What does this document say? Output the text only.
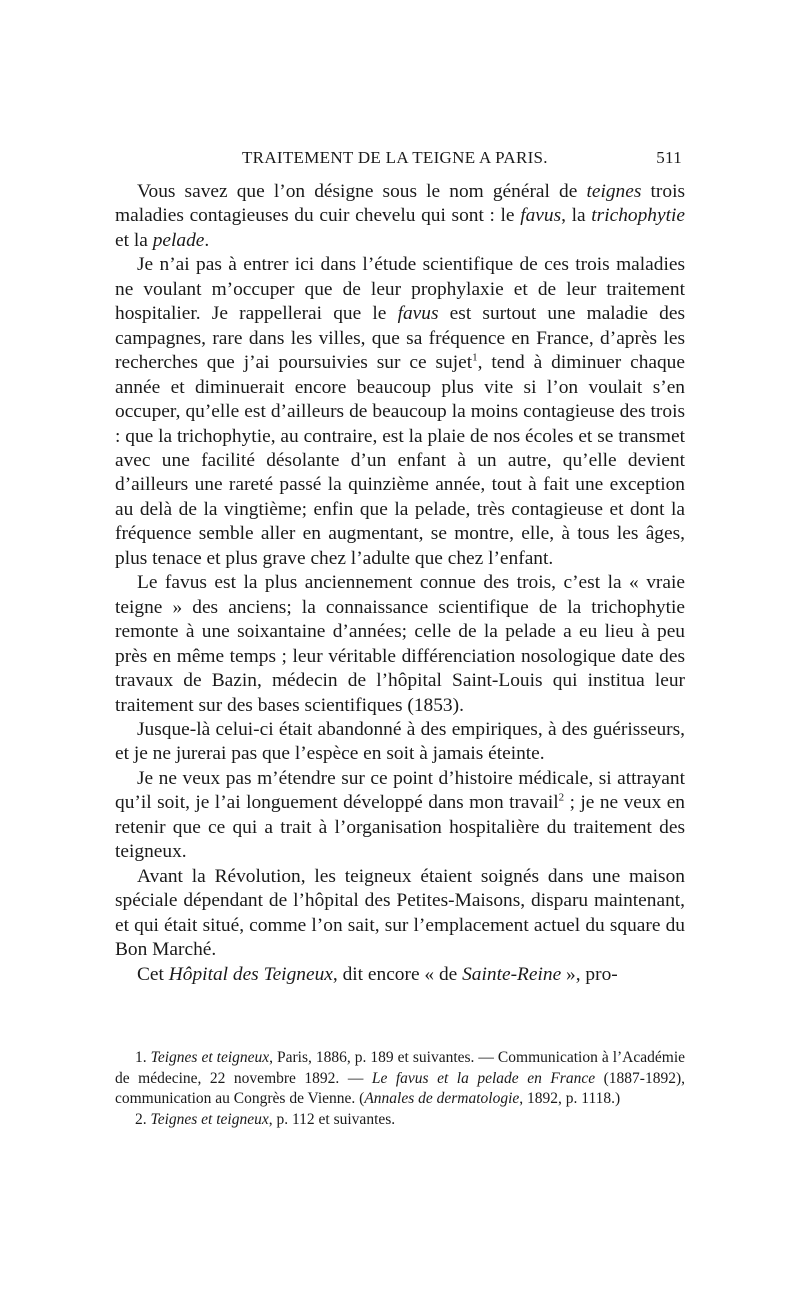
TRAITEMENT DE LA TEIGNE A PARIS.	511

Vous savez que l’on désigne sous le nom général de teignes trois maladies contagieuses du cuir chevelu qui sont : le favus, la trichophytie et la pelade.

Je n’ai pas à entrer ici dans l’étude scientifique de ces trois maladies ne voulant m’occuper que de leur prophylaxie et de leur traitement hospitalier. Je rappellerai que le favus est surtout une maladie des campagnes, rare dans les villes, que sa fréquence en France, d’après les recherches que j’ai poursuivies sur ce sujet$^1$, tend à diminuer chaque année et diminuerait encore beaucoup plus vite si l’on voulait s’en occuper, qu’elle est d’ailleurs de beaucoup la moins contagieuse des trois : que la trichophytie, au contraire, est la plaie de nos écoles et se transmet avec une facilité désolante d’un enfant à un autre, qu’elle devient d’ailleurs une rareté passé la quinzième année, tout à fait une exception au delà de la vingtième; enfin que la pelade, très contagieuse et dont la fréquence semble aller en augmentant, se montre, elle, à tous les âges, plus tenace et plus grave chez l’adulte que chez l’enfant.

Le favus est la plus anciennement connue des trois, c’est la « vraie teigne » des anciens; la connaissance scientifique de la trichophytie remonte à une soixantaine d’années; celle de la pelade a eu lieu à peu près en même temps ; leur véritable différenciation nosologique date des travaux de Bazin, médecin de l’hôpital Saint-Louis qui institua leur traitement sur des bases scientifiques (1853).

Jusque-là celui-ci était abandonné à des empiriques, à des guérisseurs, et je ne jurerai pas que l’espèce en soit à jamais éteinte.

Je ne veux pas m’étendre sur ce point d’histoire médicale, si attrayant qu’il soit, je l’ai longuement développé dans mon travail$^2$ ; je ne veux en retenir que ce qui a trait à l’organisation hospitalière du traitement des teigneux.

Avant la Révolution, les teigneux étaient soignés dans une maison spéciale dépendant de l’hôpital des Petites-Maisons, disparu maintenant, et qui était situé, comme l’on sait, sur l’emplacement actuel du square du Bon Marché.

Cet Hôpital des Teigneux, dit encore « de Sainte-Reine », pro-

1. Teignes et teigneux, Paris, 1886, p. 189 et suivantes. — Communication à l’Académie de médecine, 22 novembre 1892. — Le favus et la pelade en France (1887-1892), communication au Congrès de Vienne. (Annales de dermatologie, 1892, p. 1118.)

2. Teignes et teigneux, p. 112 et suivantes.
